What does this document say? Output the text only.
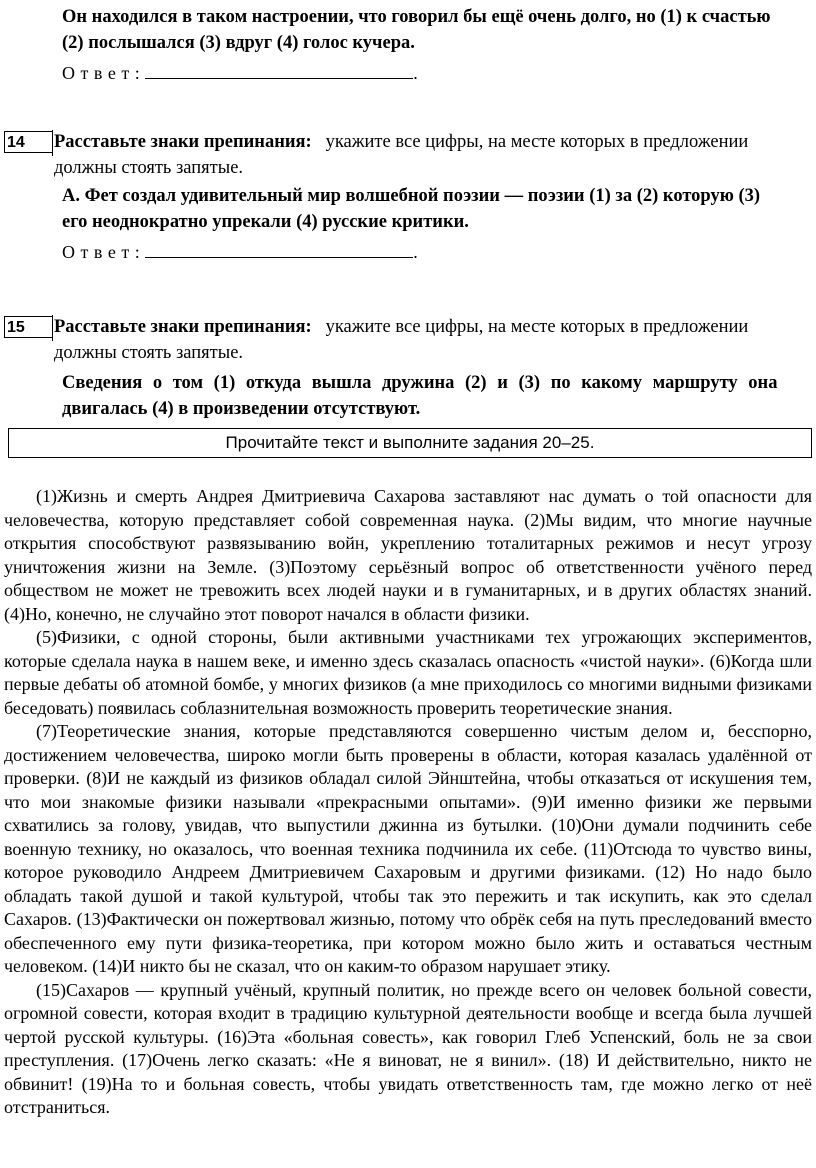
Он находился в таком настроении, что говорил бы ещё очень долго, но (1) к счастью
(2) послышался (3) вдруг (4) голос кучера.
О т в е т :	.
14	Расставьте знаки препинания: укажите все цифры, на месте которых в предложении
должны стоять запятые.
А. Фет создал удивительный мир волшебной поэзии — поэзии (1) за (2) которую (3)
его неоднократно упрекали (4) русские критики.
О т в е т :	.
15	Расставьте знаки препинания: укажите все цифры, на месте которых в предложении
должны стоять запятые.
Сведения о том (1) откуда вышла дружина (2) и (3) по какому маршруту она
двигалась (4) в произведении отсутствуют.
Прочитайте текст и выполните задания 20–25.

(1)Жизнь и смерть Андрея Дмитриевича Сахарова заставляют нас думать о той опасности для человечества, которую представляет собой современная наука. (2)Мы видим, что многие научные открытия способствуют развязыванию войн, укреплению тоталитарных режимов и несут угрозу уничтожения жизни на Земле. (3)Поэтому серьёзный вопрос об ответственности учёного перед обществом не может не тревожить всех людей науки и в гуманитарных, и в других областях знаний. (4)Но, конечно, не случайно этот поворот начался в области физики.

(5)Физики, с одной стороны, были активными участниками тех угрожающих экспериментов, которые сделала наука в нашем веке, и именно здесь сказалась опасность «чистой науки». (6)Когда шли первые дебаты об атомной бомбе, у многих физиков (а мне приходилось со многими видными физиками беседовать) появилась соблазнительная возможность проверить теоретические знания.

(7)Теоретические знания, которые представляются совершенно чистым делом и, бесспорно, достижением человечества, широко могли быть проверены в области, которая казалась удалённой от проверки. (8)И не каждый из физиков обладал силой Эйнштейна, чтобы отказаться от искушения тем, что мои знакомые физики называли «прекрасными опытами». (9)И именно физики же первыми схватились за голову, увидав, что выпустили джинна из бутылки. (10)Они думали подчинить себе военную технику, но оказалось, что военная техника подчинила их себе. (11)Отсюда то чувство вины, которое руководило Андреем Дмитриевичем Сахаровым и другими физиками. (12) Но надо было обладать такой душой и такой культурой, чтобы так это пережить и так искупить, как это сделал Сахаров. (13)Фактически он пожертвовал жизнью, потому что обрёк себя на путь преследований вместо обеспеченного ему пути физика-теоретика, при котором можно было жить и оставаться честным человеком. (14)И никто бы не сказал, что он каким-то образом нарушает этику.

(15)Сахаров — крупный учёный, крупный политик, но прежде всего он человек больной совести, огромной совести, которая входит в традицию культурной деятельности вообще и всегда была лучшей чертой русской культуры. (16)Эта «больная совесть», как говорил Глеб Успенский, боль не за свои преступления. (17)Очень легко сказать: «Не я виноват, не я винил». (18) И действительно, никто не обвинит! (19)На то и больная совесть, чтобы увидать ответственность там, где можно легко от неё отстраниться.
